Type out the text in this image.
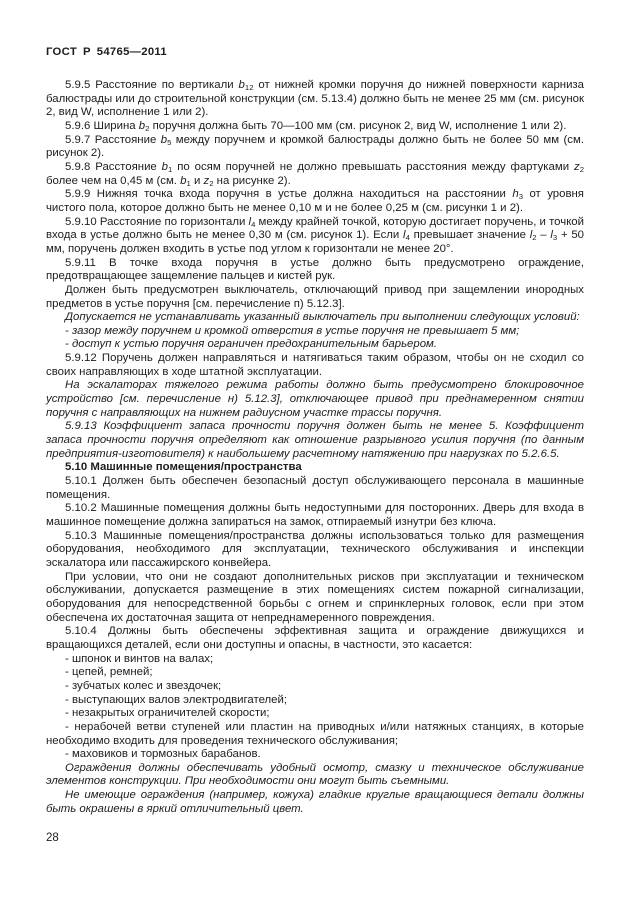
ГОСТ Р 54765—2011

5.9.5 Расстояние по вертикали $b_{12}$ от нижней кромки поручня до нижней поверхности карниза балюстрады или до строительной конструкции (см. 5.13.4) должно быть не менее 25 мм (см. рисунок 2, вид W, исполнение 1 или 2).

5.9.6 Ширина $b_2$ поручня должна быть 70—100 мм (см. рисунок 2, вид W, исполнение 1 или 2).

5.9.7 Расстояние $b_5$ между поручнем и кромкой балюстрады должно быть не более 50 мм (см. рисунок 2).

5.9.8 Расстояние $b_1$ по осям поручней не должно превышать расстояния между фартуками $z_2$ более чем на 0,45 м (см. $b_1$ и $z_2$ на рисунке 2).

5.9.9 Нижняя точка входа поручня в устье должна находиться на расстоянии $h_3$ от уровня чистого пола, которое должно быть не менее 0,10 м и не более 0,25 м (см. рисунки 1 и 2).

5.9.10 Расстояние по горизонтали $l_4$ между крайней точкой, которую достигает поручень, и точкой входа в устье должно быть не менее 0,30 м (см. рисунок 1). Если $l_4$ превышает значение $l_2 - l_3 + 50$ мм, поручень должен входить в устье под углом к горизонтали не менее 20°.

5.9.11 В точке входа поручня в устье должно быть предусмотрено ограждение, предотвращающее защемление пальцев и кистей рук.

Должен быть предусмотрен выключатель, отключающий привод при защемлении инородных предметов в устье поручня [см. перечисление п) 5.12.3].

Допускается не устанавливать указанный выключатель при выполнении следующих условий:

- зазор между поручнем и кромкой отверстия в устье поручня не превышает 5 мм;

- доступ к устью поручня ограничен предохранительным барьером.

5.9.12 Поручень должен направляться и натягиваться таким образом, чтобы он не сходил со своих направляющих в ходе штатной эксплуатации.

На эскалаторах тяжелого режима работы должно быть предусмотрено блокировочное устройство [см. перечисление н) 5.12.3], отключающее привод при преднамеренном снятии поручня с направляющих на нижнем радиусном участке трассы поручня.

5.9.13 Коэффициент запаса прочности поручня должен быть не менее 5. Коэффициент запаса прочности поручня определяют как отношение разрывного усилия поручня (по данным предприятия-изготовителя) к наибольшему расчетному натяжению при нагрузках по 5.2.6.5.

5.10 Машинные помещения/пространства

5.10.1 Должен быть обеспечен безопасный доступ обслуживающего персонала в машинные помещения.

5.10.2 Машинные помещения должны быть недоступными для посторонних. Дверь для входа в машинное помещение должна запираться на замок, отпираемый изнутри без ключа.

5.10.3 Машинные помещения/пространства должны использоваться только для размещения оборудования, необходимого для эксплуатации, технического обслуживания и инспекции эскалатора или пассажирского конвейера.

При условии, что они не создают дополнительных рисков при эксплуатации и техническом обслуживании, допускается размещение в этих помещениях систем пожарной сигнализации, оборудования для непосредственной борьбы с огнем и спринклерных головок, если при этом обеспечена их достаточная защита от непреднамеренного повреждения.

5.10.4 Должны быть обеспечены эффективная защита и ограждение движущихся и вращающихся деталей, если они доступны и опасны, в частности, это касается:

- шпонок и винтов на валах;

- цепей, ремней;

- зубчатых колес и звездочек;

- выступающих валов электродвигателей;

- незакрытых ограничителей скорости;

- нерабочей ветви ступеней или пластин на приводных и/или натяжных станциях, в которые необходимо входить для проведения технического обслуживания;

- маховиков и тормозных барабанов.

Ограждения должны обеспечивать удобный осмотр, смазку и техническое обслуживание элементов конструкции. При необходимости они могут быть съемными.

Не имеющие ограждения (например, кожуха) гладкие круглые вращающиеся детали должны быть окрашены в яркий отличительный цвет.

28
